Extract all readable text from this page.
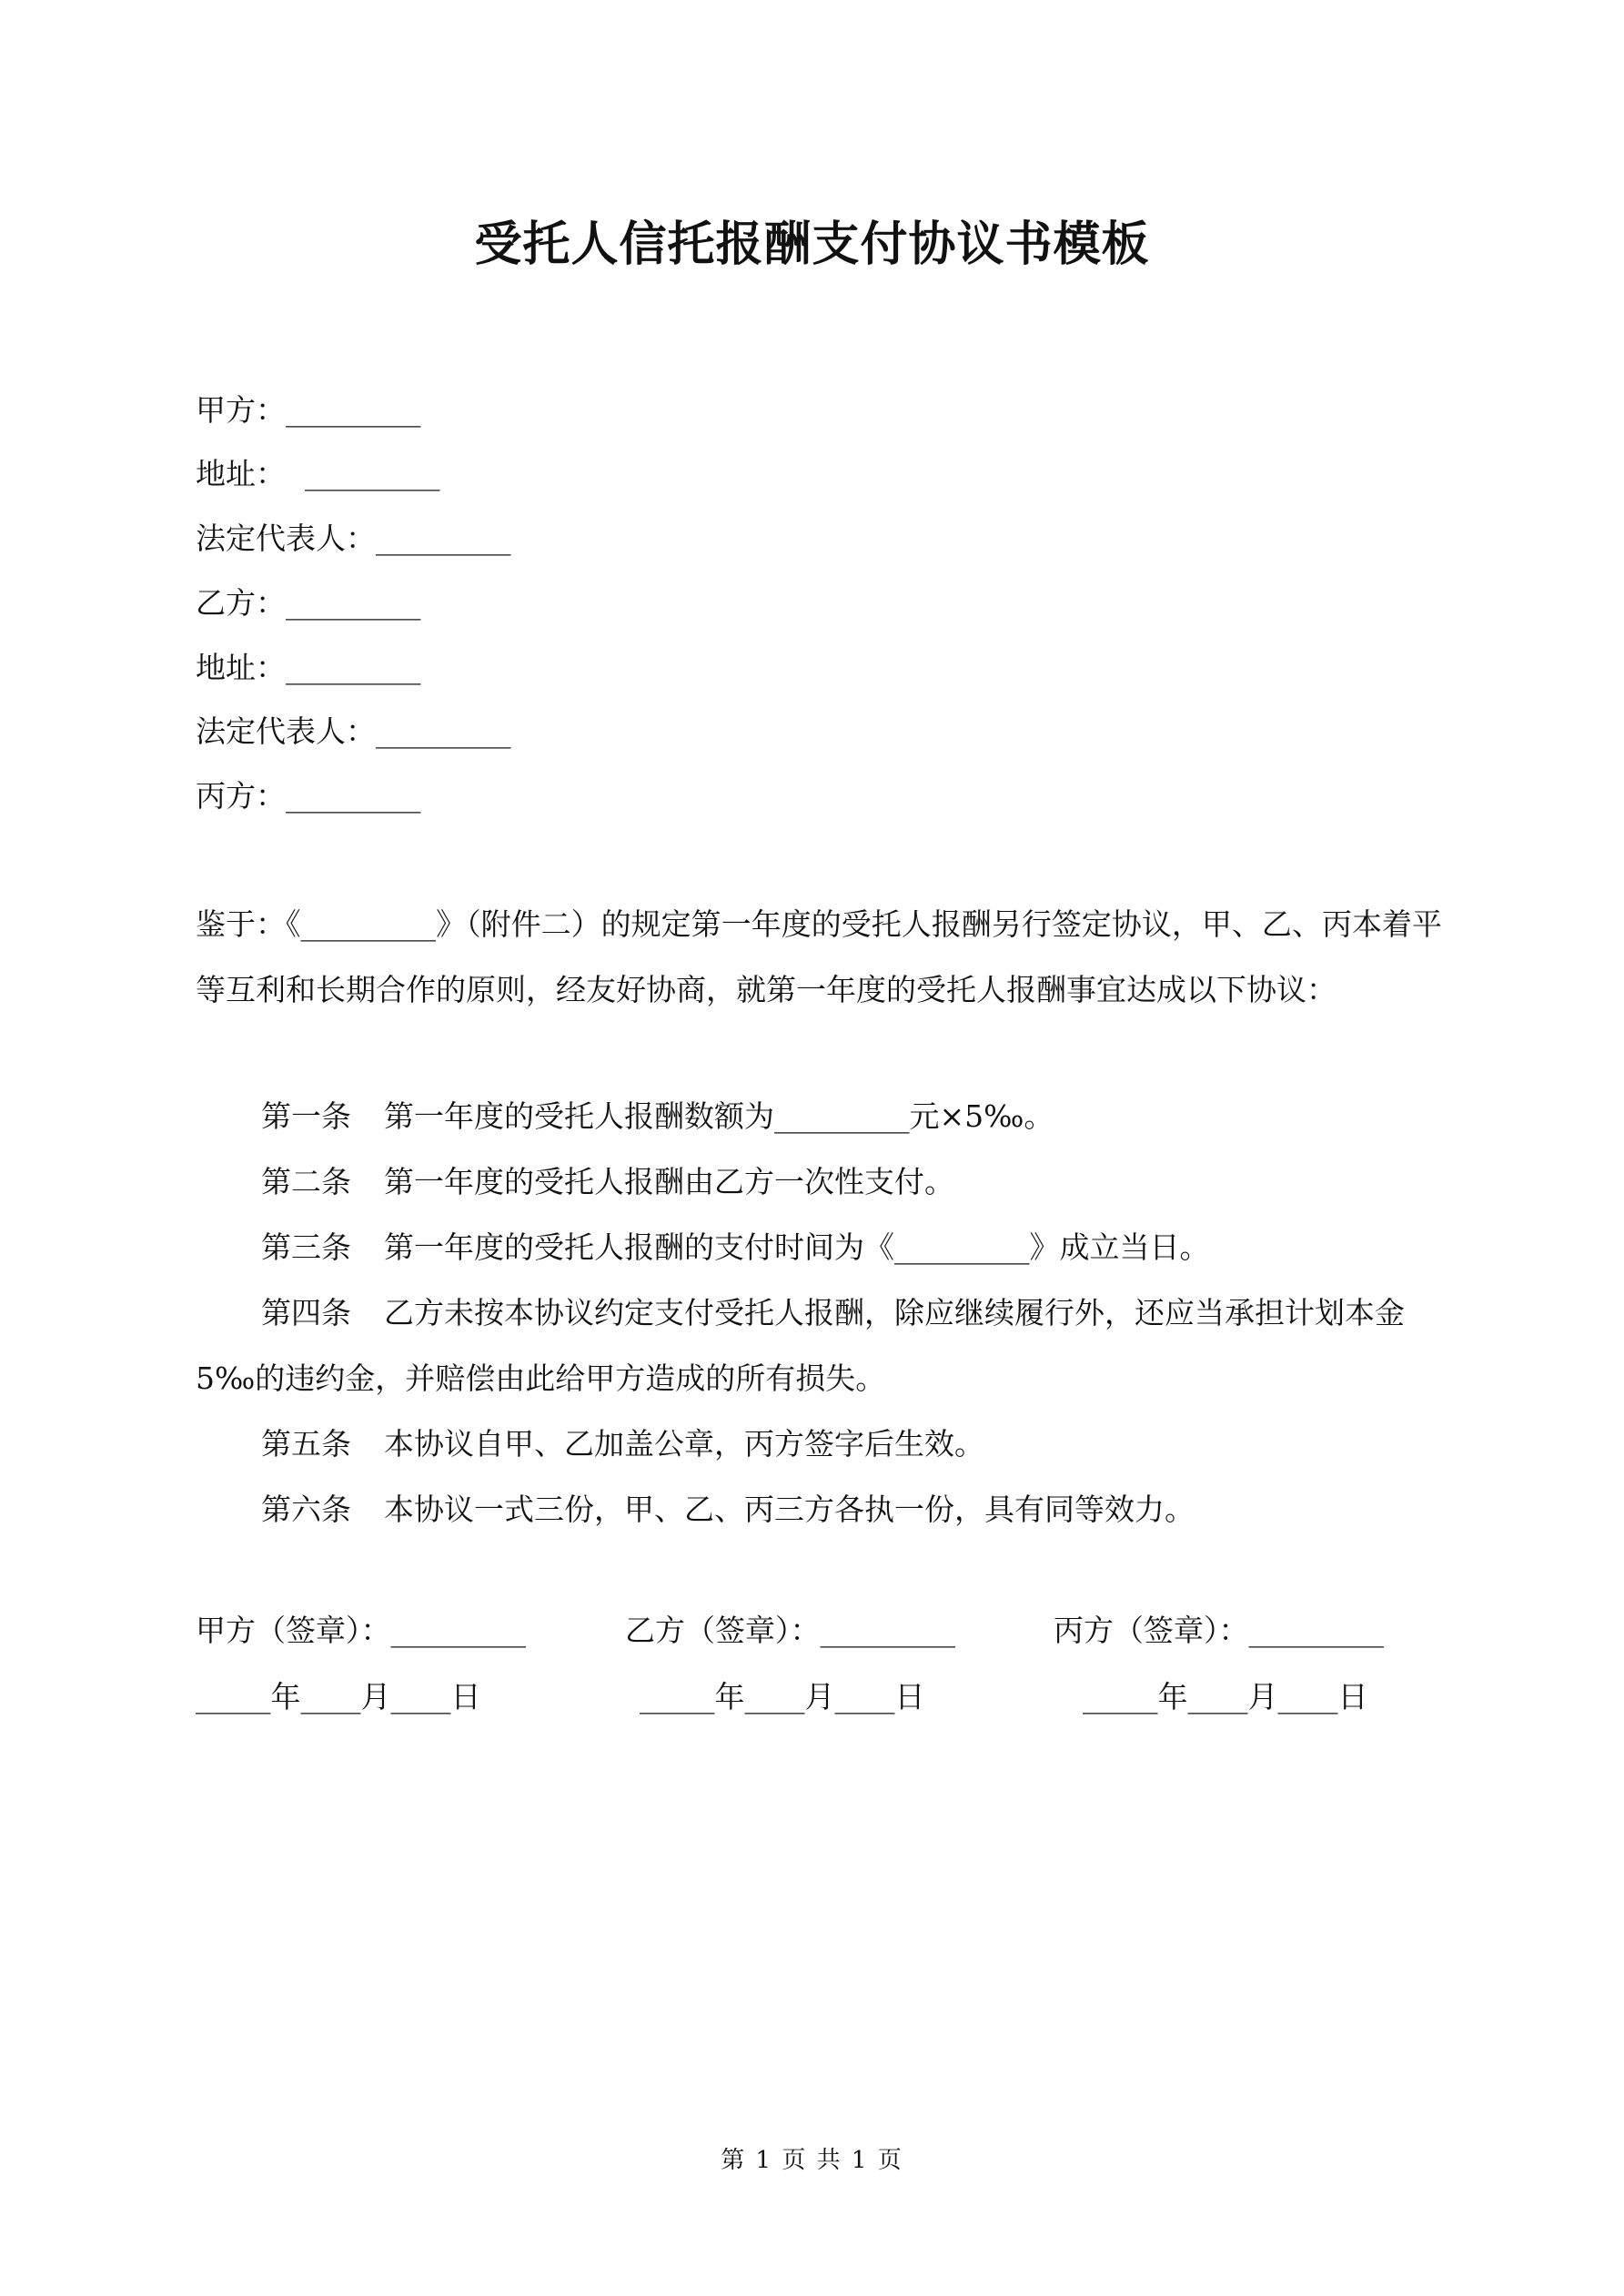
受托人信托报酬支付协议书模板
甲方：_________
地址：  _________
法定代表人：_________
乙方：_________
地址：_________
法定代表人：_________
丙方：_________
鉴于：《_________》（附件二）的规定第一年度的受托人报酬另行签定协议，甲、乙、丙本着平等互利和长期合作的原则，经友好协商，就第一年度的受托人报酬事宜达成以下协议：
第一条 第一年度的受托人报酬数额为_________元×5‰。
第二条 第一年度的受托人报酬由乙方一次性支付。
第三条 第一年度的受托人报酬的支付时间为《_________》成立当日。
第四条 乙方未按本协议约定支付受托人报酬，除应继续履行外，还应当承担计划本金5‰的违约金，并赔偿由此给甲方造成的所有损失。
第五条 本协议自甲、乙加盖公章，丙方签字后生效。
第六条 本协议一式三份，甲、乙、丙三方各执一份，具有同等效力。
甲方（签章）：_________	乙方（签章）：_________	丙方（签章）：_________
_____年____月____日	_____年____月____日	_____年____月____日
第 1 页 共 1 页
